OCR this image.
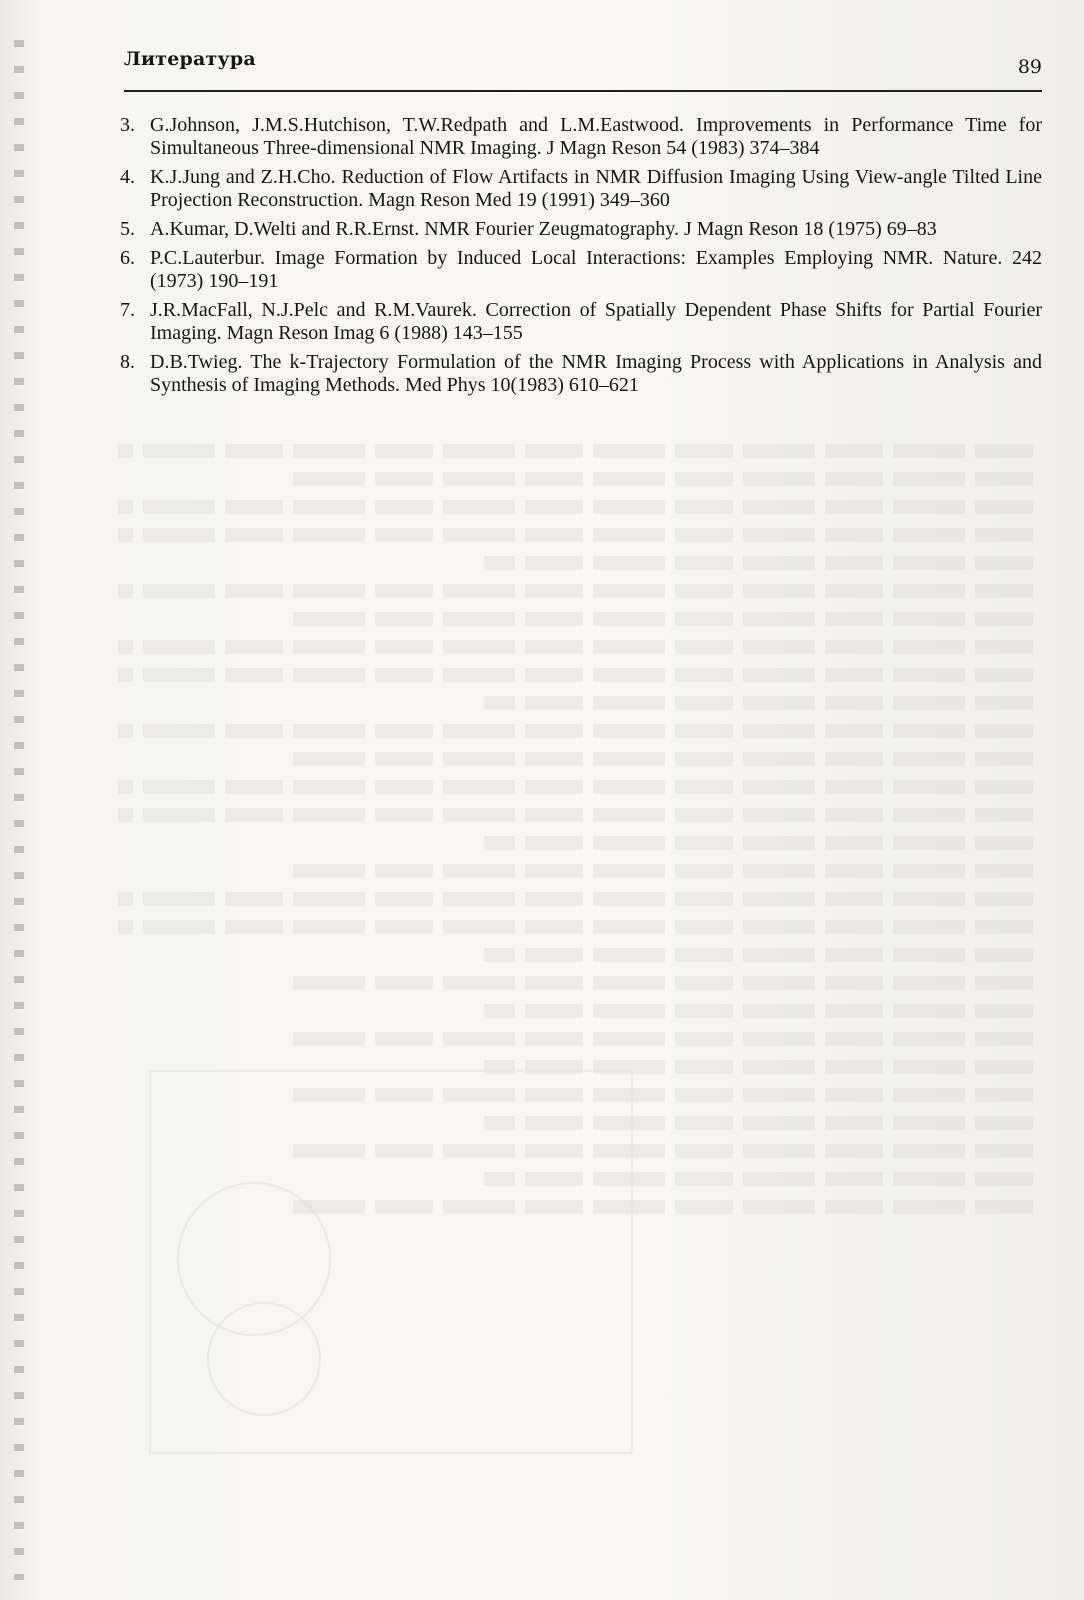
Литература	89
3. G.Johnson, J.M.S.Hutchison, T.W.Redpath and L.M.Eastwood. Improvements in Performance Time for Simultaneous Three-dimensional NMR Imaging. J Magn Reson 54 (1983) 374–384
4. K.J.Jung and Z.H.Cho. Reduction of Flow Artifacts in NMR Diffusion Imaging Using View-angle Tilted Line Projection Reconstruction. Magn Reson Med 19 (1991) 349–360
5. A.Kumar, D.Welti and R.R.Ernst. NMR Fourier Zeugmatography. J Magn Reson 18 (1975) 69–83
6. P.C.Lauterbur. Image Formation by Induced Local Interactions: Examples Employing NMR. Nature. 242 (1973) 190–191
7. J.R.MacFall, N.J.Pelc and R.M.Vaurek. Correction of Spatially Dependent Phase Shifts for Partial Fourier Imaging. Magn Reson Imag 6 (1988) 143–155
8. D.B.Twieg. The k-Trajectory Formulation of the NMR Imaging Process with Applications in Analysis and Synthesis of Imaging Methods. Med Phys 10(1983) 610–621
